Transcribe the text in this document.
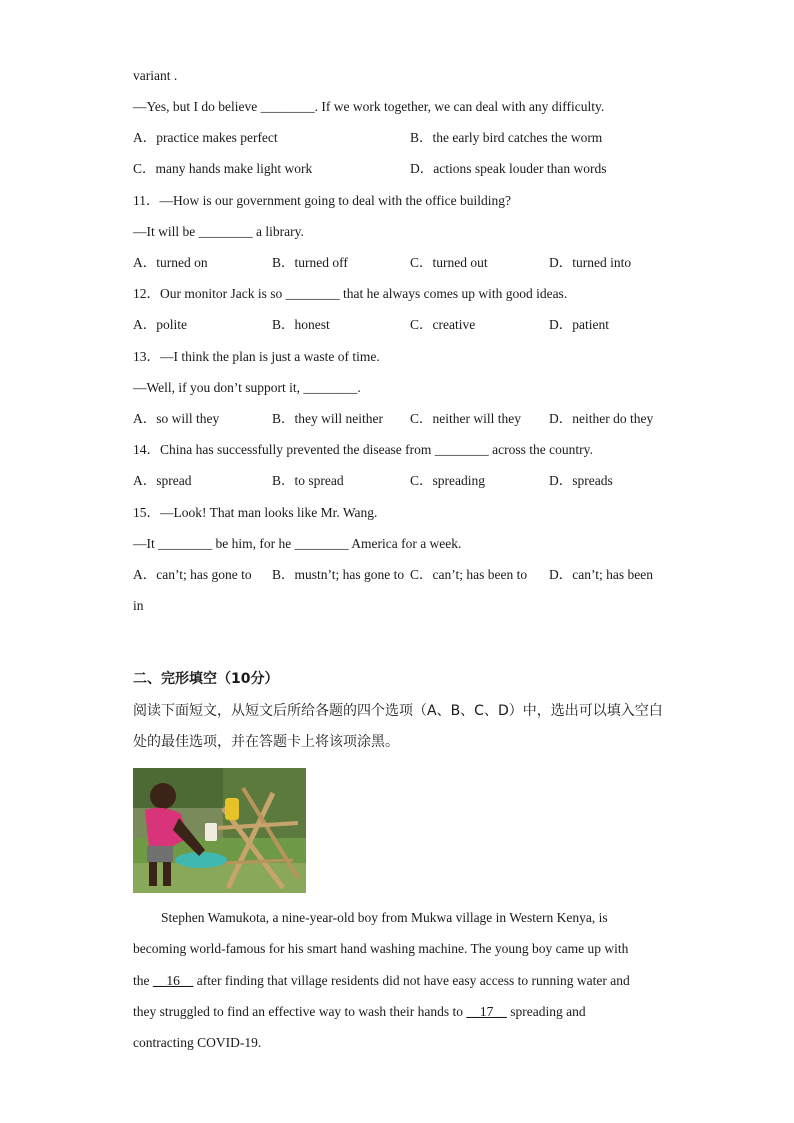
variant .
—Yes, but I do believe ________. If we work together, we can deal with any difficulty.
A．practice makes perfect	B．the early bird catches the worm
C．many hands make light work	D．actions speak louder than words
11．—How is our government going to deal with the office building?
—It will be ________ a library.
A．turned on	B．turned off	C．turned out	D．turned into
12．Our monitor Jack is so ________ that he always comes up with good ideas.
A．polite	B．honest	C．creative	D．patient
13．—I think the plan is just a waste of time.
—Well, if you don’t support it, ________.
A．so will they	B．they will neither C．neither will they D．neither do they
14．China has successfully prevented the disease from ________ across the country.
A．spread	B．to spread	C．spreading	D．spreads
15．—Look! That man looks like Mr. Wang.
—It ________ be him, for he ________ America for a week.
A．can’t; has gone to B．mustn’t; has gone to C．can’t; has been to D．can’t; has been
in
二、完形填空（10分）
阅读下面短文，从短文后所给各题的四个选项（A、B、C、D）中，选出可以填入空白
处的最佳选项，并在答题卡上将该项涂黑。
Stephen Wamukota, a nine-year-old boy from Mukwa village in Western Kenya, is
becoming world-famous for his smart hand washing machine. The young boy came up with
the __16__ after finding that village residents did not have easy access to running water and
they struggled to find an effective way to wash their hands to __17__ spreading and
contracting COVID-19.
